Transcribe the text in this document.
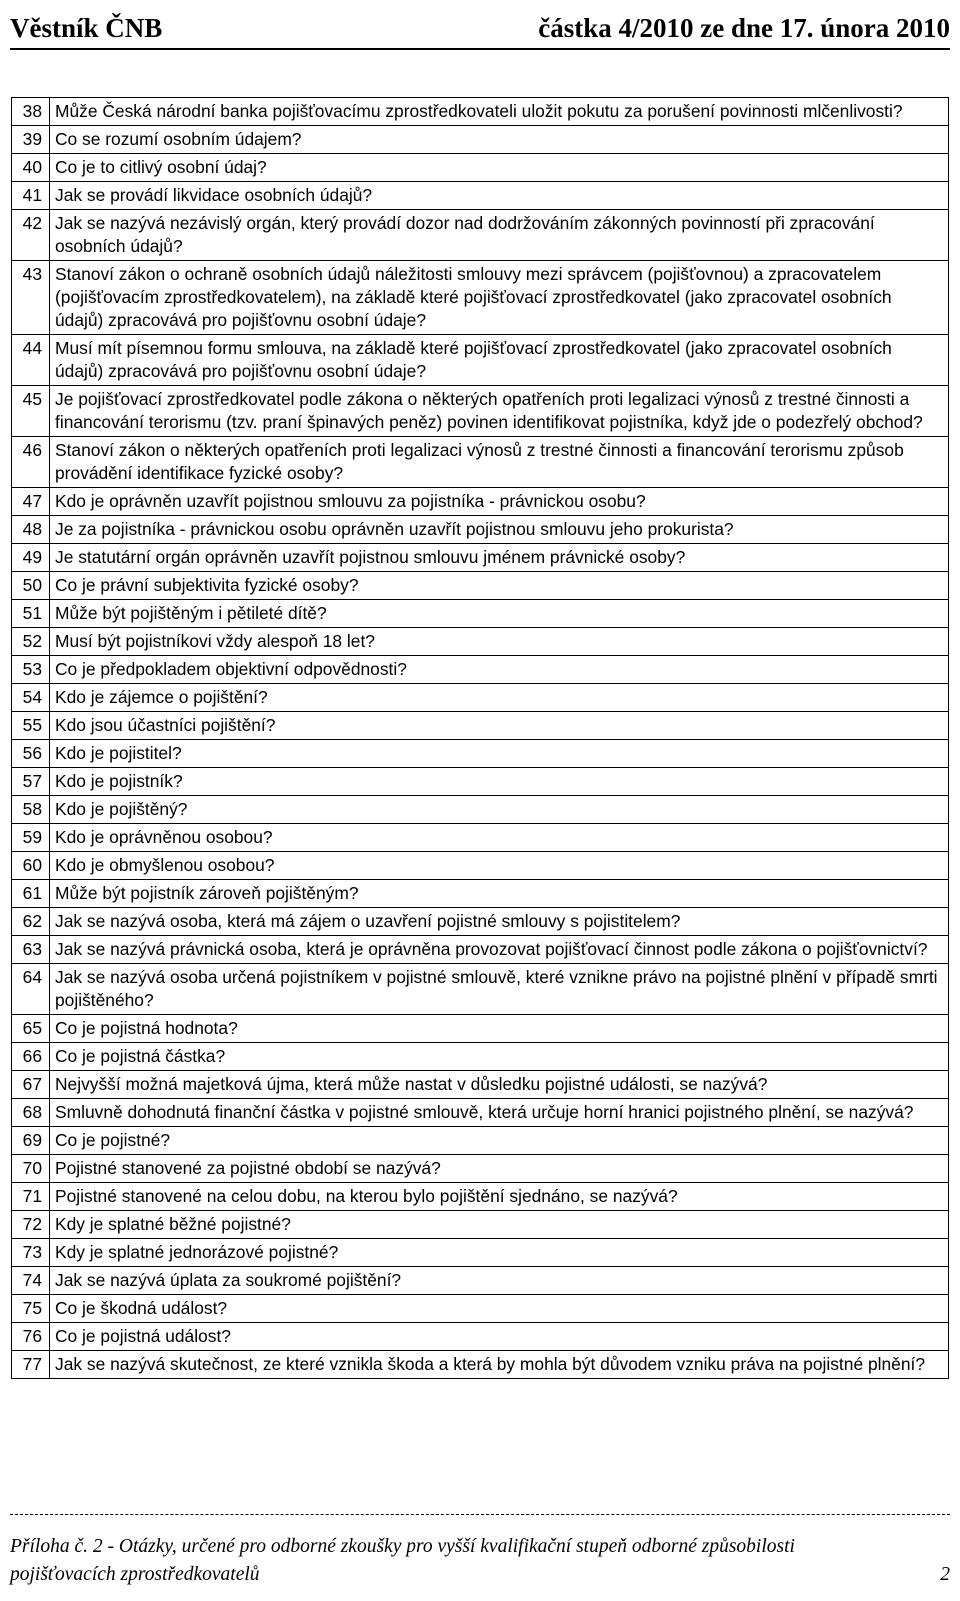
Věstník ČNB	částka 4/2010 ze dne 17. února 2010
38	Může Česká národní banka pojišťovacímu zprostředkovateli uložit pokutu za porušení povinnosti mlčenlivosti?
39	Co se rozumí osobním údajem?
40	Co je to citlivý osobní údaj?
41	Jak se provádí likvidace osobních údajů?
42	Jak se nazývá nezávislý orgán, který provádí dozor nad dodržováním zákonných povinností při zpracování osobních údajů?
43	Stanoví zákon o ochraně osobních údajů náležitosti smlouvy mezi správcem (pojišťovnou) a zpracovatelem (pojišťovacím zprostředkovatelem), na základě které pojišťovací zprostředkovatel (jako zpracovatel osobních údajů) zpracovává pro pojišťovnu osobní údaje?
44	Musí mít písemnou formu smlouva, na základě které pojišťovací zprostředkovatel (jako zpracovatel osobních údajů) zpracovává pro pojišťovnu osobní údaje?
45	Je pojišťovací zprostředkovatel podle zákona o některých opatřeních proti legalizaci výnosů z trestné činnosti a financování terorismu (tzv. praní špinavých peněz) povinen identifikovat pojistníka, když jde o podezřelý obchod?
46	Stanoví zákon o některých opatřeních proti legalizaci výnosů z trestné činnosti a financování terorismu způsob provádění identifikace fyzické osoby?
47	Kdo je oprávněn uzavřít pojistnou smlouvu za pojistníka - právnickou osobu?
48	Je za pojistníka - právnickou osobu oprávněn uzavřít pojistnou smlouvu jeho prokurista?
49	Je statutární orgán oprávněn uzavřít pojistnou smlouvu jménem právnické osoby?
50	Co je právní subjektivita fyzické osoby?
51	Může být pojištěným i pětileté dítě?
52	Musí být pojistníkovi vždy alespoň 18 let?
53	Co je předpokladem objektivní odpovědnosti?
54	Kdo je zájemce o pojištění?
55	Kdo jsou účastníci pojištění?
56	Kdo je pojistitel?
57	Kdo je pojistník?
58	Kdo je pojištěný?
59	Kdo je oprávněnou osobou?
60	Kdo je obmyšlenou osobou?
61	Může být pojistník zároveň pojištěným?
62	Jak se nazývá osoba, která má zájem o uzavření pojistné smlouvy s pojistitelem?
63	Jak se nazývá právnická osoba, která je oprávněna provozovat pojišťovací činnost podle zákona o pojišťovnictví?
64	Jak se nazývá osoba určená pojistníkem v pojistné smlouvě, které vznikne právo na pojistné plnění v případě smrti pojištěného?
65	Co je pojistná hodnota?
66	Co je pojistná částka?
67	Nejvyšší možná majetková újma, která může nastat v důsledku pojistné události, se nazývá?
68	Smluvně dohodnutá finanční částka v pojistné smlouvě, která určuje horní hranici pojistného plnění, se nazývá?
69	Co je pojistné?
70	Pojistné stanovené za pojistné období se nazývá?
71	Pojistné stanovené na celou dobu, na kterou bylo pojištění sjednáno, se nazývá?
72	Kdy je splatné běžné pojistné?
73	Kdy je splatné jednorázové pojistné?
74	Jak se nazývá úplata za soukromé pojištění?
75	Co je škodná událost?
76	Co je pojistná událost?
77	Jak se nazývá skutečnost, ze které vznikla škoda a která by mohla být důvodem vzniku práva na pojistné plnění?
Příloha č. 2 - Otázky, určené pro odborné zkoušky pro vyšší kvalifikační stupeň odborné způsobilosti
pojišťovacích zprostředkovatelů	2
